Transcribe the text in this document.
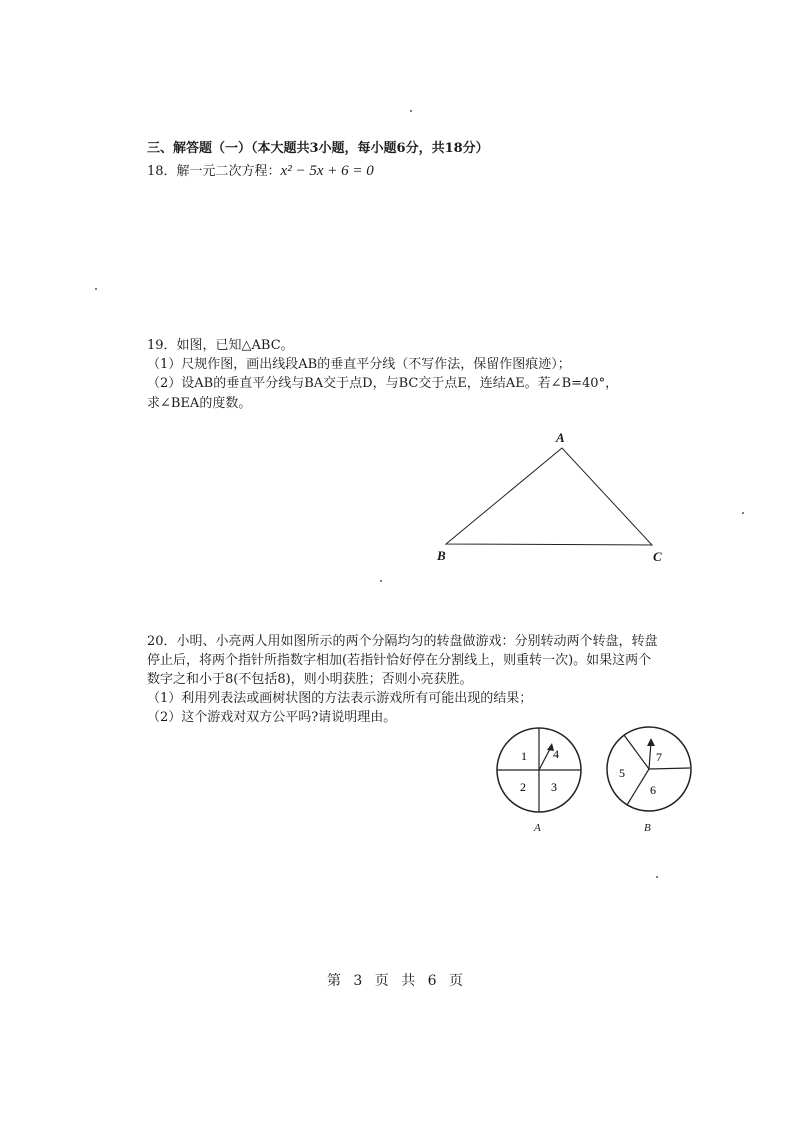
三、解答题（一）（本大题共3小题，每小题6分，共18分）
18．解一元二次方程：x² − 5x + 6 = 0
19．如图，已知△ABC。
（1）尺规作图，画出线段AB的垂直平分线（不写作法，保留作图痕迹）；
（2）设AB的垂直平分线与BA交于点D，与BC交于点E，连结AE。若∠B=40°，
求∠BEA的度数。
A
B	C
20．小明、小亮两人用如图所示的两个分隔均匀的转盘做游戏：分别转动两个转盘，转盘
停止后，将两个指针所指数字相加(若指针恰好停在分割线上，则重转一次)。如果这两个
数字之和小于8(不包括8)，则小明获胜；否则小亮获胜。
（1）利用列表法或画树状图的方法表示游戏所有可能出现的结果；
（2）这个游戏对双方公平吗?请说明理由。
1 4
2 3
A
7
5
6
B
第 3 页 共 6 页
